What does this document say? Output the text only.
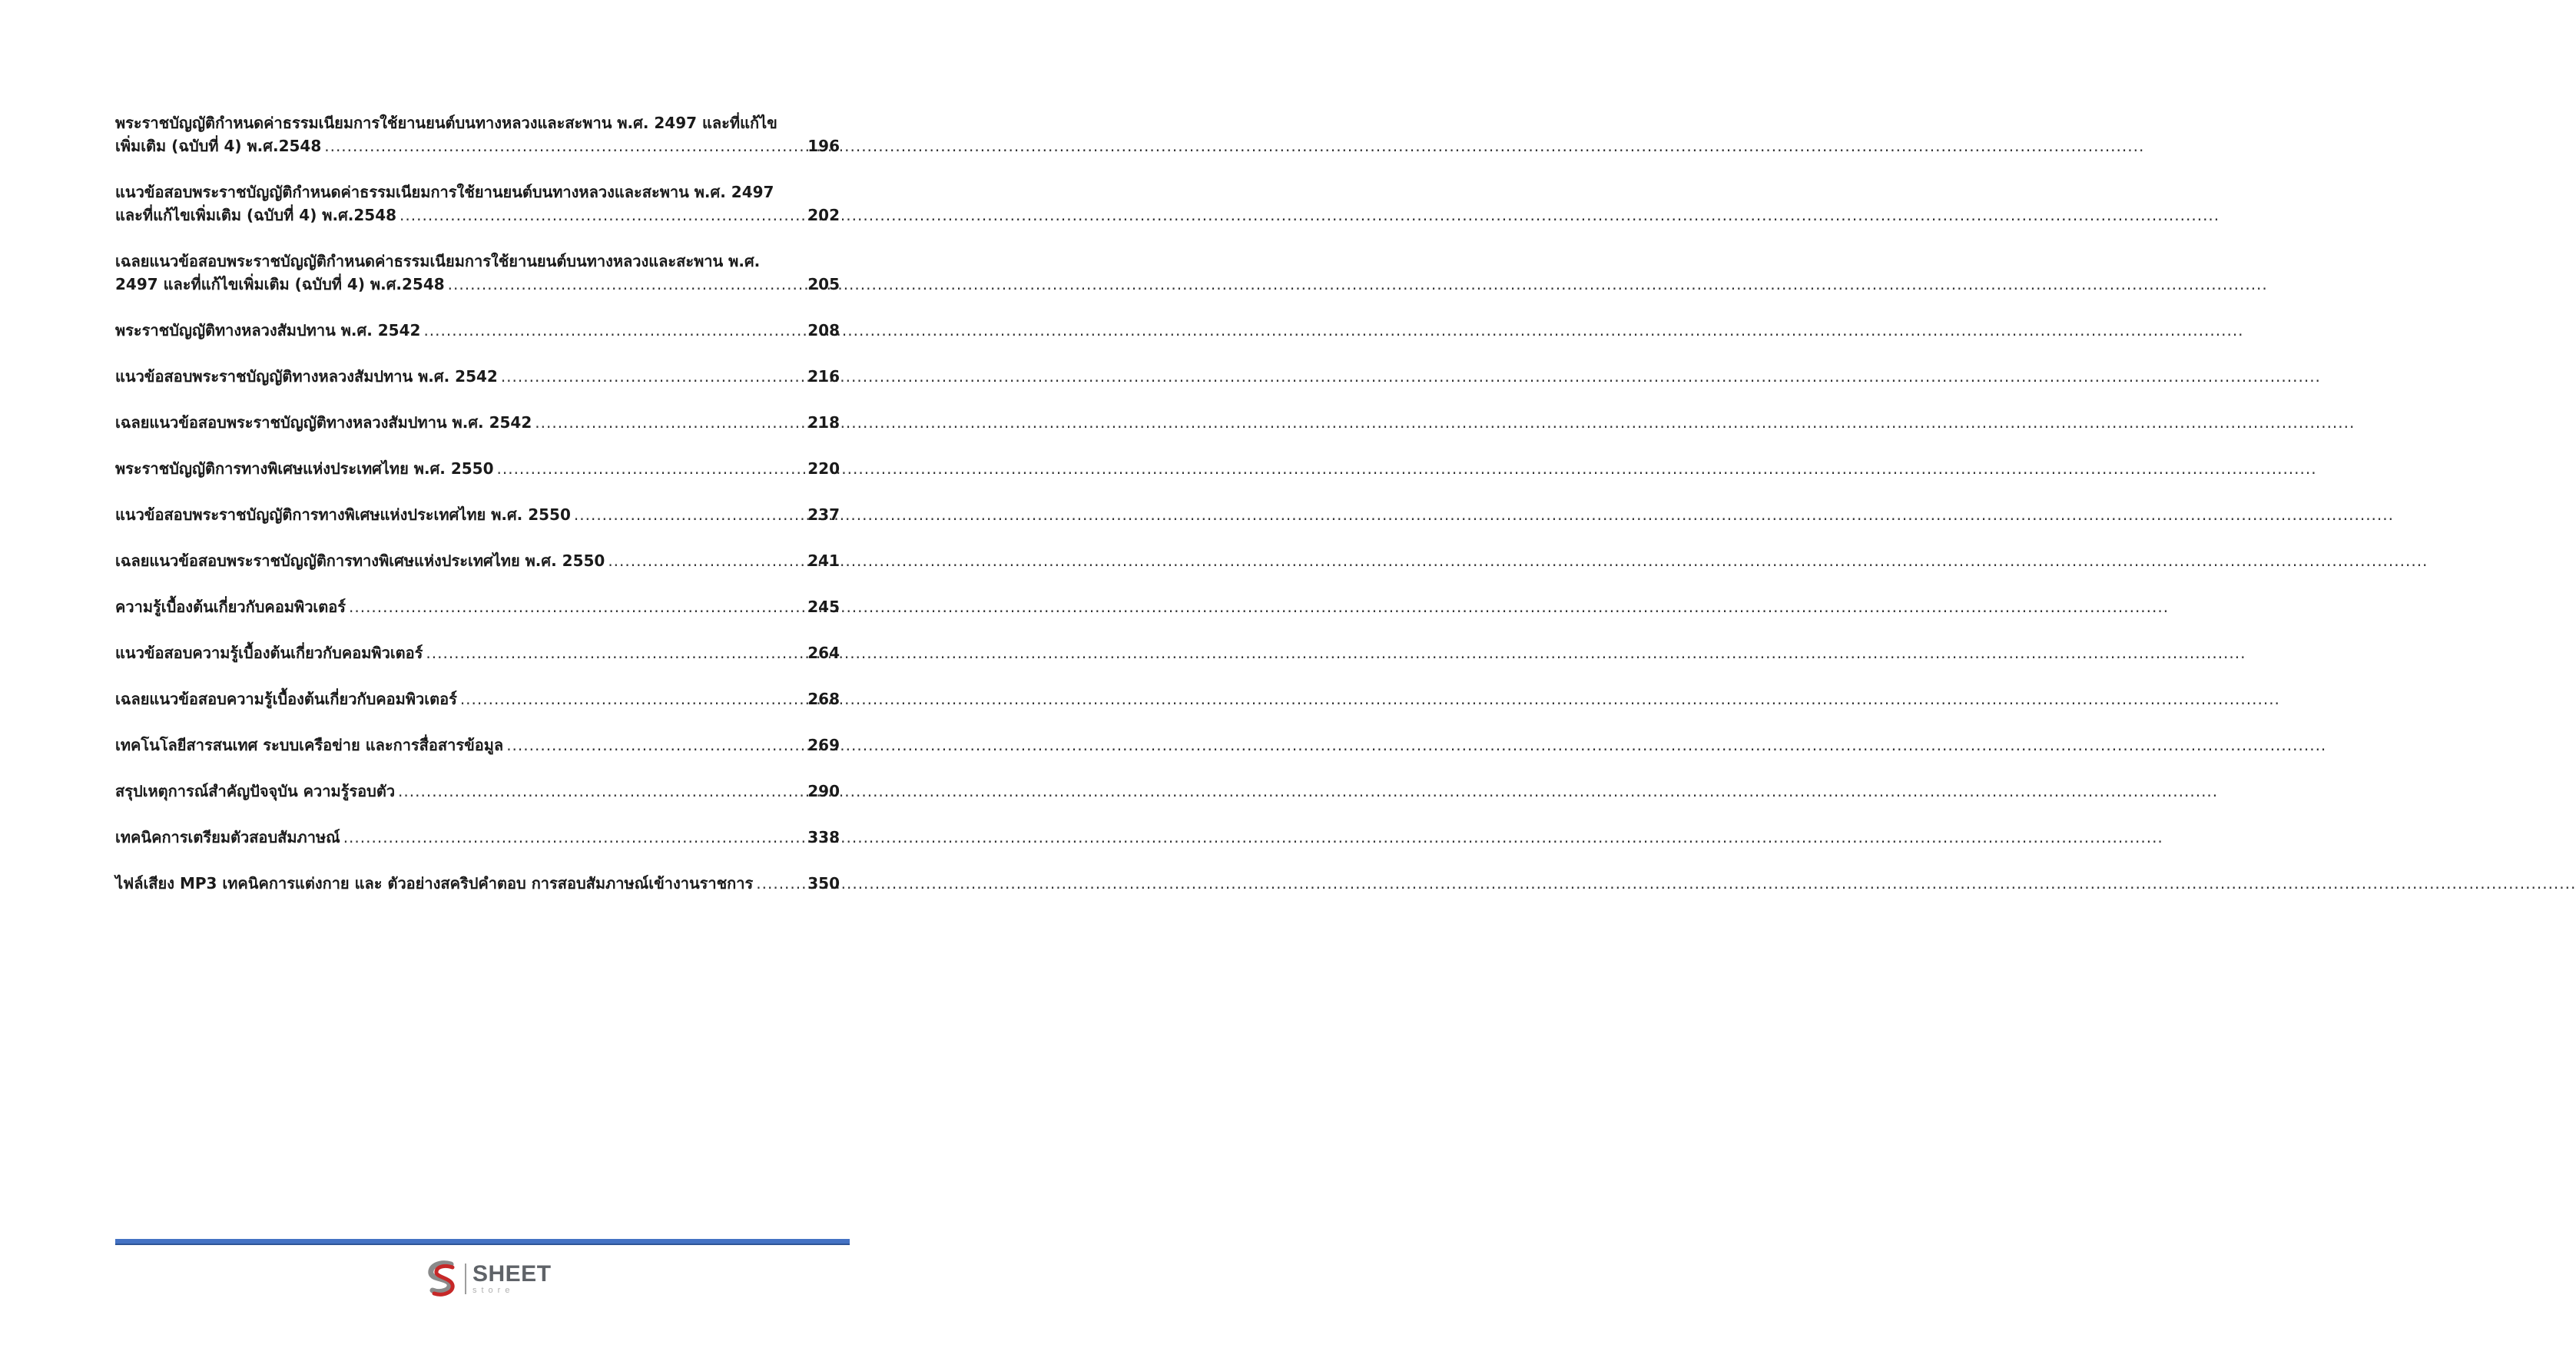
พระราชบัญญัติกำหนดค่าธรรมเนียมการใช้ยานยนต์บนทางหลวงและสะพาน พ.ศ. 2497 และที่แก้ไข
เพิ่มเติม (ฉบับที่ 4) พ.ศ.2548 .....	196
แนวข้อสอบพระราชบัญญัติกำหนดค่าธรรมเนียมการใช้ยานยนต์บนทางหลวงและสะพาน พ.ศ. 2497
และที่แก้ไขเพิ่มเติม (ฉบับที่ 4) พ.ศ.2548 .....	202
เฉลยแนวข้อสอบพระราชบัญญัติกำหนดค่าธรรมเนียมการใช้ยานยนต์บนทางหลวงและสะพาน พ.ศ.
2497 และที่แก้ไขเพิ่มเติม (ฉบับที่ 4) พ.ศ.2548 .....	205
พระราชบัญญัติทางหลวงสัมปทาน พ.ศ. 2542 .....	208
แนวข้อสอบพระราชบัญญัติทางหลวงสัมปทาน พ.ศ. 2542 .....	216
เฉลยแนวข้อสอบพระราชบัญญัติทางหลวงสัมปทาน พ.ศ. 2542 .....	218
พระราชบัญญัติการทางพิเศษแห่งประเทศไทย พ.ศ. 2550 .....	220
แนวข้อสอบพระราชบัญญัติการทางพิเศษแห่งประเทศไทย พ.ศ. 2550 .....	237
เฉลยแนวข้อสอบพระราชบัญญัติการทางพิเศษแห่งประเทศไทย พ.ศ. 2550 .....	241
ความรู้เบื้องต้นเกี่ยวกับคอมพิวเตอร์ .....	245
แนวข้อสอบความรู้เบื้องต้นเกี่ยวกับคอมพิวเตอร์ .....	264
เฉลยแนวข้อสอบความรู้เบื้องต้นเกี่ยวกับคอมพิวเตอร์ .....	268
เทคโนโลยีสารสนเทศ ระบบเครือข่าย และการสื่อสารข้อมูล .....	269
สรุปเหตุการณ์สำคัญปัจจุบัน ความรู้รอบตัว .....	290
เทคนิคการเตรียมตัวสอบสัมภาษณ์ .....	338
ไฟล์เสียง MP3 เทคนิคการแต่งกาย และ ตัวอย่างสคริปคำตอบ การสอบสัมภาษณ์เข้างานราชการ .....	350
SHEET
store
